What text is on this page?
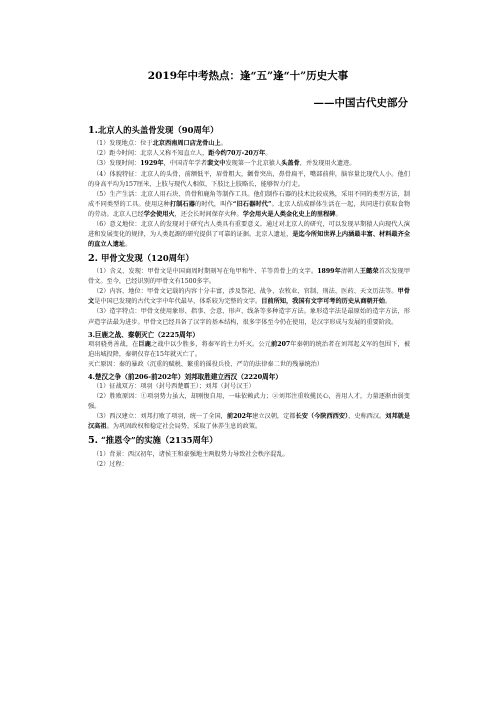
2019年中考热点：逢“五”逢“十”历史大事
——中国古代史部分
1.北京人的头盖骨发现（90周年）

（1）发现地点：位于北京西南周口店龙骨山上。

（2）距今时间：北京人又称不知直立人，距今约70万-20万年。

（3）发现时间：1929年，中国青年学者裴文中发现第一个北京猿人头盖骨，并发现用火遗迹。

（4）体貌特征：北京人的头骨，前额低平，眉骨粗大，颧骨突出，鼻骨扁平，嘴部前伸，脑容量比现代人小。他们的身高平均为157厘米，上肢与现代人相似，下肢比上肢略长，能够智力行走。

（5）生产生活：北京人用石块、兽骨和鹿角等制作工具。他们制作石器的技术比较成熟，采用不同的类型方法，制成不同类型的工具。使用这种打制石器的时代，叫作“旧石器时代”。北京人结成群体生活在一起，共同进行获取食物的劳动。北京人已经学会使用火，还会长时间保存火种。学会用火是人类金化史上的里程碑。

（6）意义地位：北京人的发现对于研究古人类具有重要意义。通过对北京人的研究，可以发现早期猿人向现代人演进和发展变化的规律，为人类起源的研究提供了可靠的证据。北京人遗址，是迄今所知世界上内涵最丰富、材料最齐全的直立人遗址。

2. 甲骨文发现（120周年）

（1）含义、发现：甲骨文是中国商周时期刻写在龟甲和牛、羊等兽骨上的文字。1899年清朝人王懿荣首次发现甲骨文。至今，已经识别的甲骨文有1500多字。

（2）内容、地位：甲骨文记载的内容十分丰富，涉及祭祀、战争、农牧业、官制、刑法、医药、天文历法等。甲骨文是中国已发现的古代文字中年代最早，体系较为完整的文字。目前所知，我国有文字可考的历史从商朝开始。

（3）造字特点：甲骨文使用象形、指事、会意、形声、线条等多种造字方法。象形造字法是最原始的造字方法，形声造字法最为进步。甲骨文已经具备了汉字的基本结构，很多字体至今仍在使用，是汉字形成与发展的重要阶段。

3.巨鹿之战、秦朝灭亡（2225周年）

项羽骁勇善战，在巨鹿之战中以少胜多，将秦军的主力歼灭。公元前207年秦朝的统治者在刘邦起义军的包围下，被迫出城投降，秦朝仅存在15年就灭亡了。

灭亡原因：秦的暴政（沉重的赋税、繁重的徭役兵役、严苛的法律秦二世的残暴统治）

4.楚汉之争（前206-前202年）刘邦取胜建立西汉（2220周年）

（1）征战双方：项羽（封号西楚霸王）；刘邦（封号汉王）

（2）胜败原因：①项羽势力虽大，却刚愎自用，一味依赖武力；②刘邦注重收揽民心，善用人才，力量逐渐由弱变强。

（3）西汉建立：刘邦打败了项羽，统一了全国，前202年建立汉朝，定都长安（今陕西西安），史称西汉。刘邦就是汉高祖。为巩固政权和稳定社会局势，采取了休养生息的政策。

5. “推恩令”的实施（2135周年）

（1）背景：西汉初年，诸侯王和豪强地主两股势力导致社会秩序混乱。

（2）过程：
